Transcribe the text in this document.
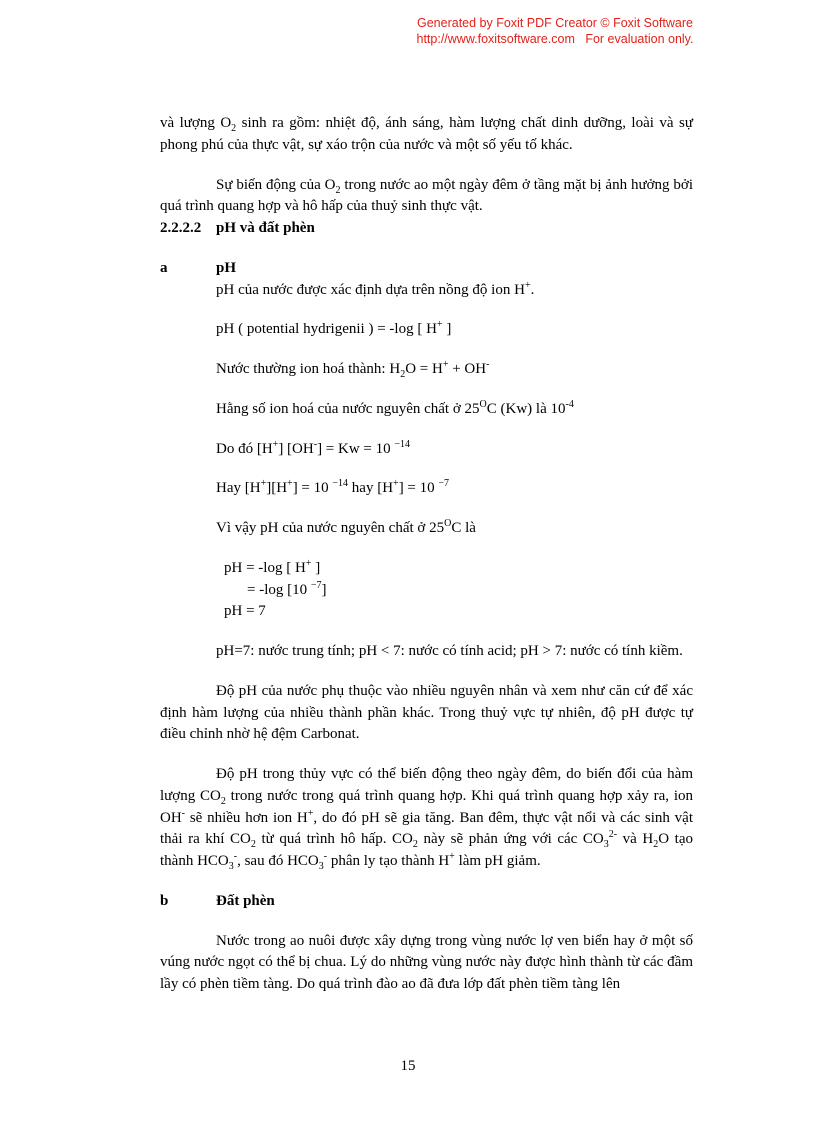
Generated by Foxit PDF Creator © Foxit Software
http://www.foxitsoftware.com For evaluation only.

và lượng $O_2$ sinh ra gồm: nhiệt độ, ánh sáng, hàm lượng chất dinh dưỡng, loài và sự phong phú của thực vật, sự xáo trộn của nước và một số yếu tố khác.

Sự biến động của $O_2$ trong nước ao một ngày đêm ở tầng mặt bị ảnh hưởng bởi quá trình quang hợp và hô hấp của thuỷ sinh thực vật.

2.2.2.2 pH và đất phèn
a	pH
pH của nước được xác định dựa trên nồng độ ion H+.
pH ( potential hydrigenii ) = -log [ H+ ]
Nước thường ion hoá thành: $H_2O = H^+ + OH^-$
Hằng số ion hoá của nước nguyên chất ở $25^OC$ (Kw) là $10^{-4}$
Do đó [H+] [OH-] = Kw = 10 $^{-14}$
Hay [H+][H+] = 10 $^{-14}$ hay [H+] = 10 $^{-7}$
Vì vậy pH của nước nguyên chất ở $25^OC$ là
pH = -log [ H+ ]
= -log [10 $^{-7}$]
pH = 7
pH=7: nước trung tính; pH < 7: nước có tính acid; pH > 7: nước có tính kiềm.

Độ pH của nước phụ thuộc vào nhiều nguyên nhân và xem như căn cứ để xác định hàm lượng của nhiều thành phần khác. Trong thuỷ vực tự nhiên, độ pH được tự điều chỉnh nhờ hệ đệm Carbonat.

Độ pH trong thủy vực có thể biến động theo ngày đêm, do biến đổi của hàm lượng $CO_2$ trong nước trong quá trình quang hợp. Khi quá trình quang hợp xảy ra, ion OH- sẽ nhiều hơn ion H+, do đó pH sẽ gia tăng. Ban đêm, thực vật nổi và các sinh vật thải ra khí $CO_2$ từ quá trình hô hấp. $CO_2$ này sẽ phản ứng với các $CO_3^{2-}$ và $H_2O$ tạo thành $HCO_3^-$, sau đó $HCO_3^-$ phân ly tạo thành H+ làm pH giảm.

b	Đất phèn

Nước trong ao nuôi được xây dựng trong vùng nước lợ ven biển hay ở một số vúng nước ngọt có thể bị chua. Lý do những vùng nước này được hình thành từ các đầm lầy có phèn tiềm tàng. Do quá trình đào ao đã đưa lớp đất phèn tiềm tàng lên

15
